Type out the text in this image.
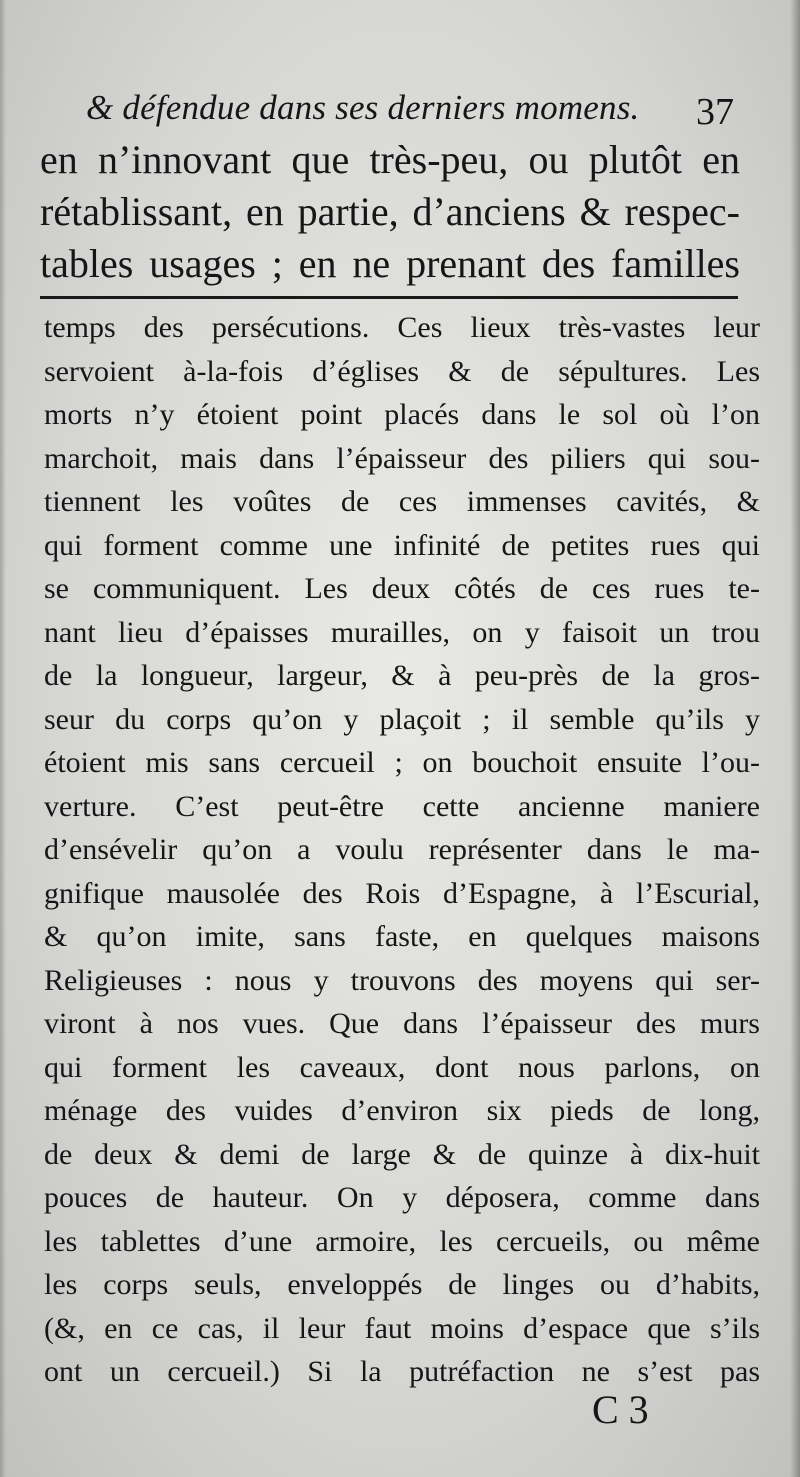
& défendue dans ses derniers momens. 37
en n’innovant que très-peu, ou plutôt en
rétablissant, en partie, d’anciens & respec-
tables usages ; en ne prenant des familles
temps des persécutions. Ces lieux très-vastes leur
servoient à-la-fois d’églises & de sépultures. Les
morts n’y étoient point placés dans le sol où l’on
marchoit, mais dans l’épaisseur des piliers qui sou-
tiennent les voûtes de ces immenses cavités, &
qui forment comme une infinité de petites rues qui
se communiquent. Les deux côtés de ces rues te-
nant lieu d’épaisses murailles, on y faisoit un trou
de la longueur, largeur, & à peu-près de la gros-
seur du corps qu’on y plaçoit ; il semble qu’ils y
étoient mis sans cercueil ; on bouchoit ensuite l’ou-
verture. C’est peut-être cette ancienne maniere
d’ensévelir qu’on a voulu représenter dans le ma-
gnifique mausolée des Rois d’Espagne, à l’Escurial,
& qu’on imite, sans faste, en quelques maisons
Religieuses : nous y trouvons des moyens qui ser-
viront à nos vues. Que dans l’épaisseur des murs
qui forment les caveaux, dont nous parlons, on
ménage des vuides d’environ six pieds de long,
de deux & demi de large & de quinze à dix-huit
pouces de hauteur. On y déposera, comme dans
les tablettes d’une armoire, les cercueils, ou même
les corps seuls, enveloppés de linges ou d’habits,
(&, en ce cas, il leur faut moins d’espace que s’ils
ont un cercueil.) Si la putréfaction ne s’est pas
C 3
